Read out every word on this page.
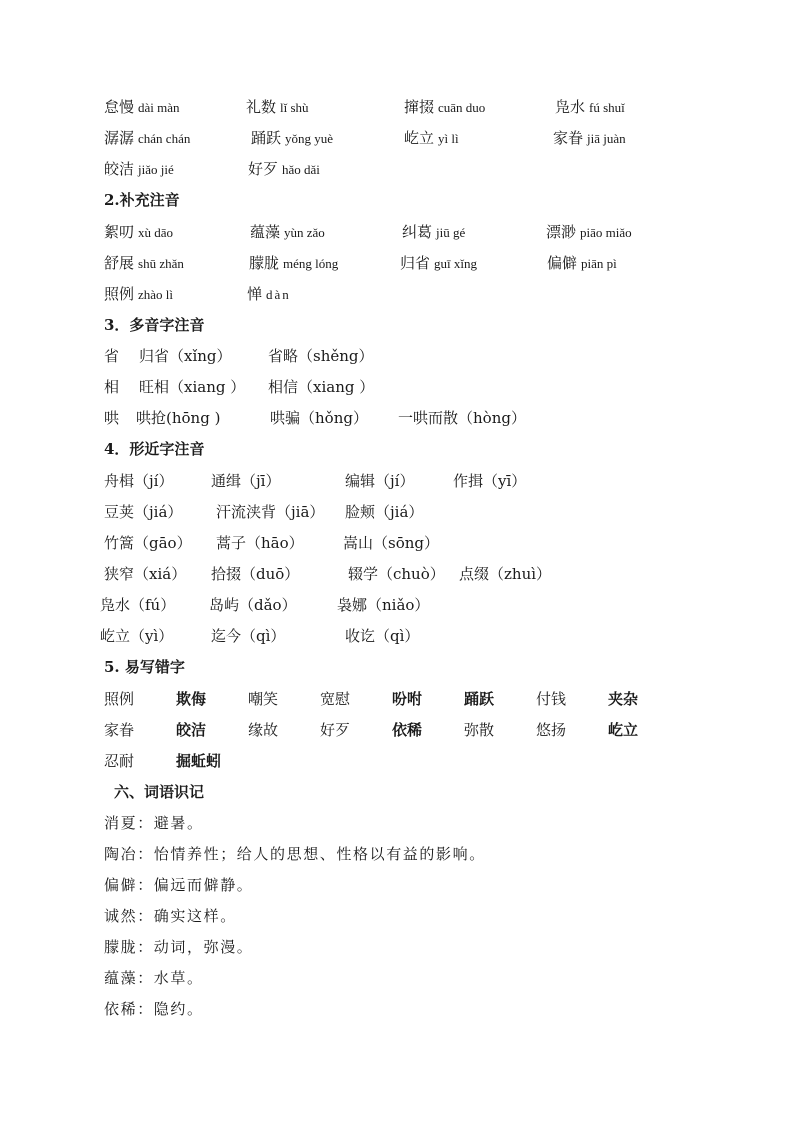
怠慢 dài màn	礼数 lǐ shù	撺掇 cuān duo	凫水 fú shuǐ
潺潺 chán chán	踊跃 yǒng yuè	屹立 yì lì	家眷 jiā juàn
皎洁 jiǎo jié	好歹 hǎo dǎi
2.补充注音
絮叨 xù dāo	蕴藻 yùn zǎo	纠葛 jiū gé	漂渺 piāo miǎo
舒展 shū zhǎn	朦胧 méng lóng	归省 guī xǐng	偏僻 piān pì
照例 zhào lì	惮 dàn
3．多音字注音
省 归省（xǐng） 省略（shěng）
相 旺相（xiang ） 相信（xiang ）
哄 哄抢(hōng )	哄骗（hǒng） 一哄而散（hòng）
4．形近字注音
舟楫（jí）	通缉（jī）	编辑（jí）	作揖（yī）
豆荚（jiá） 汗流浃背（jiā） 脸颊（jiá）
竹篙（gāo） 蒿子（hāo）	嵩山（sōng）
狭窄（xiá） 拾掇（duō）	辍学（chuò） 点缀（zhuì）
凫水（fú） 岛屿（dǎo）	袅娜（niǎo）
屹立（yì）	迄今（qì）	收讫（qì）
5. 易写错字
照例	欺侮	嘲笑	宽慰	吩咐	踊跃	付钱	夹杂
家眷	皎洁	缘故	好歹	依稀	弥散	悠扬	屹立
忍耐	掘蚯蚓
六、词语识记
消夏：避暑。
陶冶：怡情养性；给人的思想、性格以有益的影响。
偏僻：偏远而僻静。
诚然：确实这样。
朦胧：动词，弥漫。
蕴藻：水草。
依稀：隐约。
